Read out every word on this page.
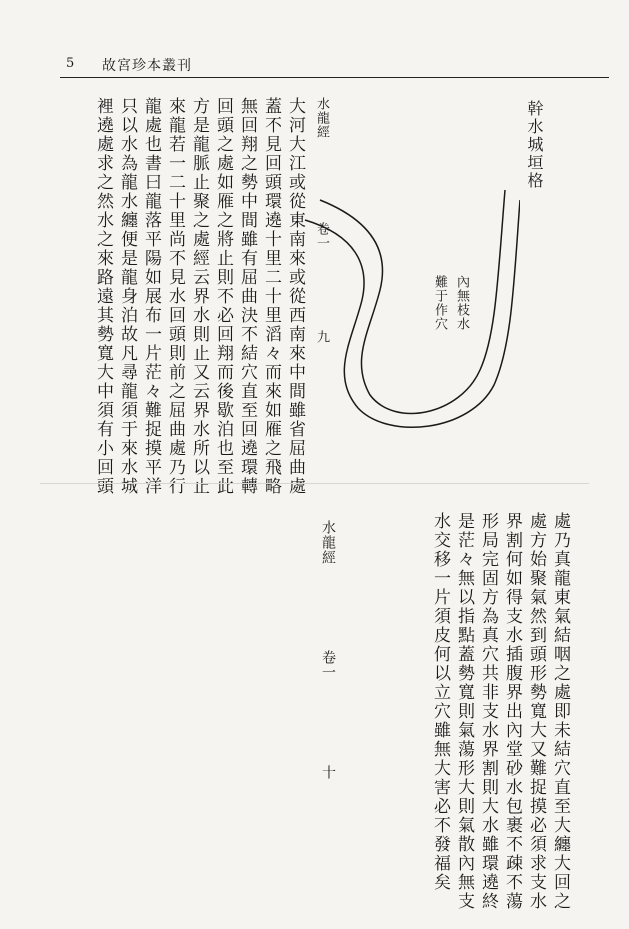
5 故宮珍本叢刊
水龍經
卷一
九
大河大江或從東南來或從西南來中間雖省屈曲處
蓋不見回頭環遶十里二十里滔々而來如雁之飛略
無回翔之勢中間雖有屈曲決不結穴直至回遶環轉
回頭之處如雁之將止則不必回翔而後歇泊也至此
方是龍脈止聚之處經云界水則止又云界水所以止
來龍若一二十里尚不見水回頭則前之屈曲處乃行
龍處也書曰龍落平陽如展布一片茫々難捉摸平洋
只以水為龍水纏便是龍身泊故凡尋龍須于來水城
裡遶處求之然水之來路遠其勢寬大中須有小回頭	幹水城垣格
內無枝水
難于作穴
處乃真龍東氣結咽之處即未結穴直至大纏大回之
處方始聚氣然到頭形勢寬大又難捉摸必須求支水
界割何如得支水插腹界出內堂砂水包裹不疎不蕩
形局完固方為真穴共非支水界割則大水雖環遶終
是茫々無以指點蓋勢寬則氣蕩形大則氣散內無支
水交移一片須皮何以立穴雖無大害必不發福矣
水龍經
卷一
十
